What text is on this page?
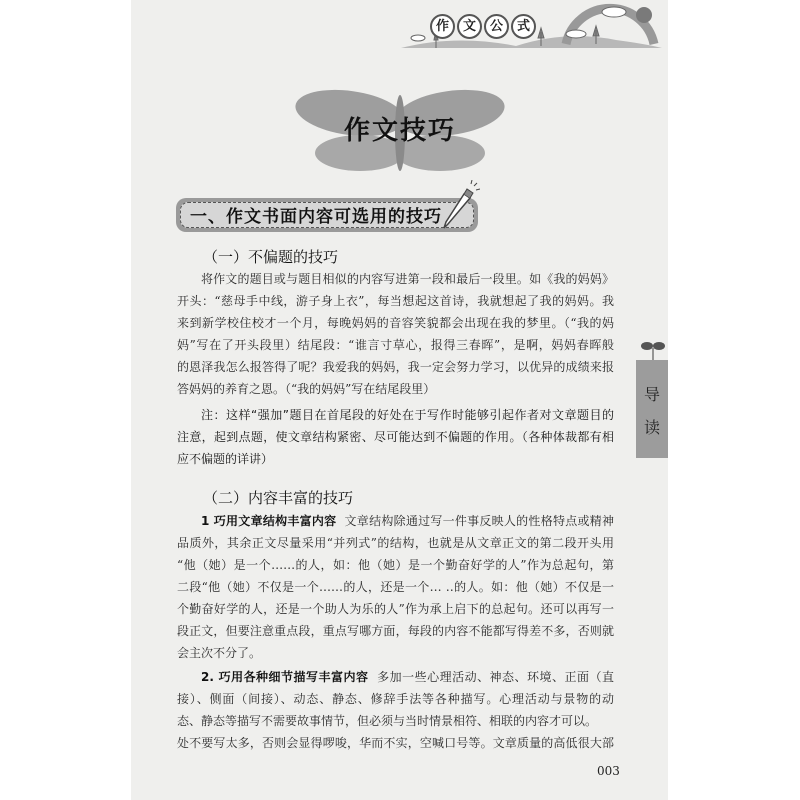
作	文	公	式
作文技巧
一、作文书面内容可选用的技巧
（一）不偏题的技巧
将作文的题目或与题目相似的内容写进第一段和最后一段里。如《我的妈妈》
开头：“慈母手中线，游子身上衣”，每当想起这首诗，我就想起了我的妈妈。我
来到新学校住校才一个月，每晚妈妈的音容笑貌都会出现在我的梦里。（“我的妈
妈”写在了开头段里）结尾段：“谁言寸草心，报得三春晖”，是啊，妈妈春晖般
的恩泽我怎么报答得了呢？我爱我的妈妈，我一定会努力学习，以优异的成绩来报
答妈妈的养育之恩。（“我的妈妈”写在结尾段里）
注：这样“强加”题目在首尾段的好处在于写作时能够引起作者对文章题目的
注意，起到点题，使文章结构紧密、尽可能达到不偏题的作用。（各种体裁都有相
应不偏题的详讲）
（二）内容丰富的技巧
1 巧用文章结构丰富内容 文章结构除通过写一件事反映人的性格特点或精神
品质外，其余正文尽量采用“并列式”的结构，也就是从文章正文的第二段开头用
“他（她）是一个……的人，如：他（她）是一个勤奋好学的人”作为总起句，第
二段“他（她）不仅是一个……的人，还是一个… ‥的人。如：他（她）不仅是一
个勤奋好学的人，还是一个助人为乐的人”作为承上启下的总起句。还可以再写一
段正文，但要注意重点段，重点写哪方面，每段的内容不能都写得差不多，否则就
会主次不分了。
2. 巧用各种细节描写丰富内容 多加一些心理活动、神态、环境、正面（直
接）、侧面（间接）、动态、静态、修辞手法等各种描写。心理活动与景物的动
态、静态等描写不需要故事情节，但必须与当时情景相符、相联的内容才可以。
处不要写太多，否则会显得啰唆，华而不实，空喊口号等。文章质量的高低很大部
导
读
003
